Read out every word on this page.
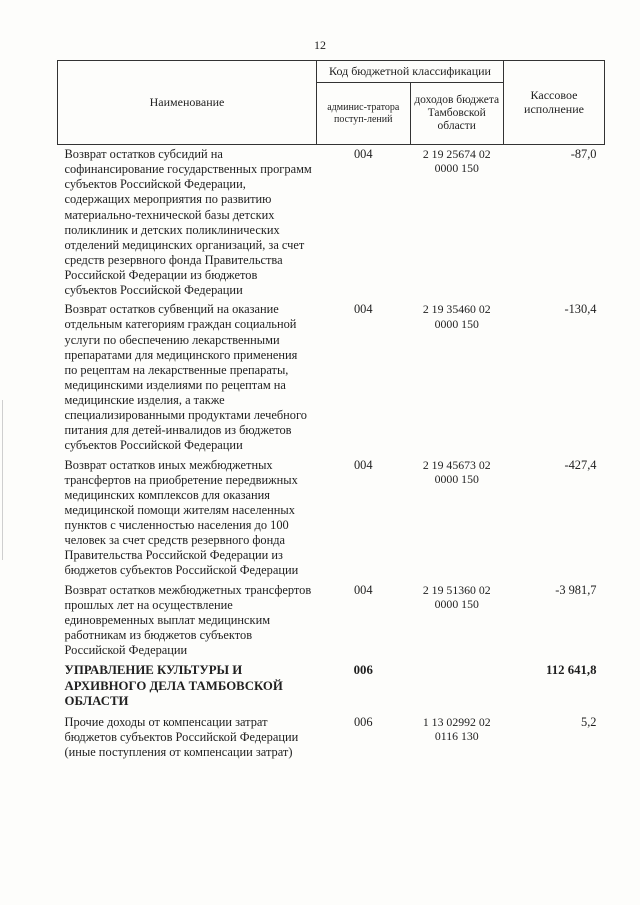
12
Наименование	Код бюджетной классификации		Кассовое исполнение
	админис-тратора поступ-лений	доходов бюджета Тамбовской области	
Возврат остатков субсидий на софинансирование государственных программ субъектов Российской Федерации, содержащих мероприятия по развитию материально-технической базы детских поликлиник и детских поликлинических отделений медицинских организаций, за счет средств резервного фонда Правительства Российской Федерации из бюджетов субъектов Российской Федерации	004	2 19 25674 02 0000 150	-87,0
Возврат остатков субвенций на оказание отдельным категориям граждан социальной услуги по обеспечению лекарственными препаратами для медицинского применения по рецептам на лекарственные препараты, медицинскими изделиями по рецептам на медицинские изделия, а также специализированными продуктами лечебного питания для детей-инвалидов из бюджетов субъектов Российской Федерации	004	2 19 35460 02 0000 150	-130,4
Возврат остатков иных межбюджетных трансфертов на приобретение передвижных медицинских комплексов для оказания медицинской помощи жителям населенных пунктов с численностью населения до 100 человек за счет средств резервного фонда Правительства Российской Федерации из бюджетов субъектов Российской Федерации	004	2 19 45673 02 0000 150	-427,4
Возврат остатков межбюджетных трансфертов прошлых лет на осуществление единовременных выплат медицинским работникам из бюджетов субъектов Российской Федерации	004	2 19 51360 02 0000 150	-3 981,7
УПРАВЛЕНИЕ КУЛЬТУРЫ И АРХИВНОГО ДЕЛА ТАМБОВСКОЙ ОБЛАСТИ	006		112 641,8
Прочие доходы от компенсации затрат бюджетов субъектов Российской Федерации (иные поступления от компенсации затрат)	006	1 13 02992 02 0116 130	5,2
